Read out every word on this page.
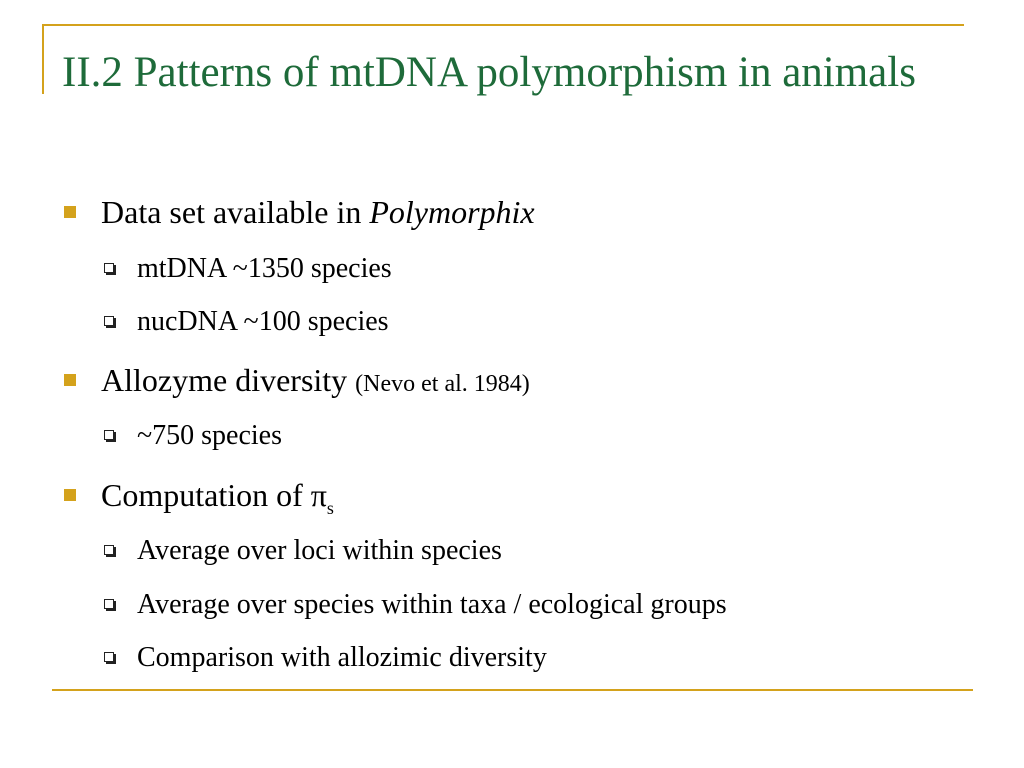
II.2 Patterns of mtDNA polymorphism in animals
Data set available in Polymorphix
mtDNA ~1350 species
nucDNA ~100 species
Allozyme diversity (Nevo et al. 1984)
~750 species
Computation of $\pi_s$
Average over loci within species
Average over species within taxa / ecological groups
Comparison with allozimic diversity
